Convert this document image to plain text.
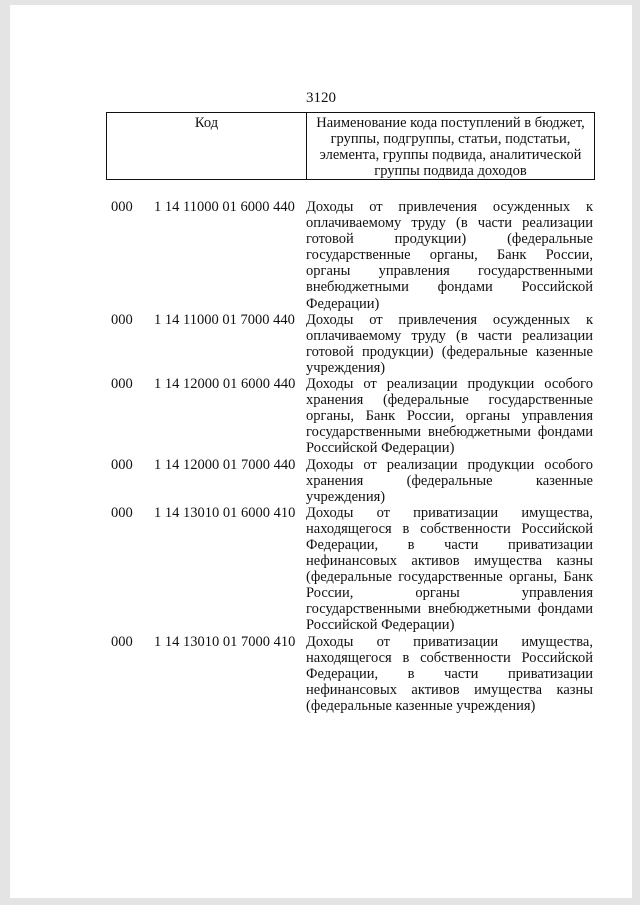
3120
Код	Наименование кода поступлений в бюджет,
группы, подгруппы, статьи, подстатьи,
элемента, группы подвида, аналитической
группы подвида доходов
000 1 14 11000 01 6000 440 Доходы от привлечения осужденных к
оплачиваемому труду (в части реализации
готовой продукции) (федеральные
государственные органы, Банк России,
органы управления государственными
внебюджетными фондами Российской
Федерации)
000 1 14 11000 01 7000 440 Доходы от привлечения осужденных к
оплачиваемому труду (в части реализации
готовой продукции) (федеральные казенные
учреждения)
000 1 14 12000 01 6000 440 Доходы от реализации продукции особого
хранения (федеральные государственные
органы, Банк России, органы управления
государственными внебюджетными фондами
Российской Федерации)
000 1 14 12000 01 7000 440 Доходы от реализации продукции особого
хранения (федеральные казенные
учреждения)
000 1 14 13010 01 6000 410 Доходы от приватизации имущества,
находящегося в собственности Российской
Федерации, в части приватизации
нефинансовых активов имущества казны
(федеральные государственные органы, Банк
России, органы управления
государственными внебюджетными фондами
Российской Федерации)
000 1 14 13010 01 7000 410 Доходы от приватизации имущества,
находящегося в собственности Российской
Федерации, в части приватизации
нефинансовых активов имущества казны
(федеральные казенные учреждения)
